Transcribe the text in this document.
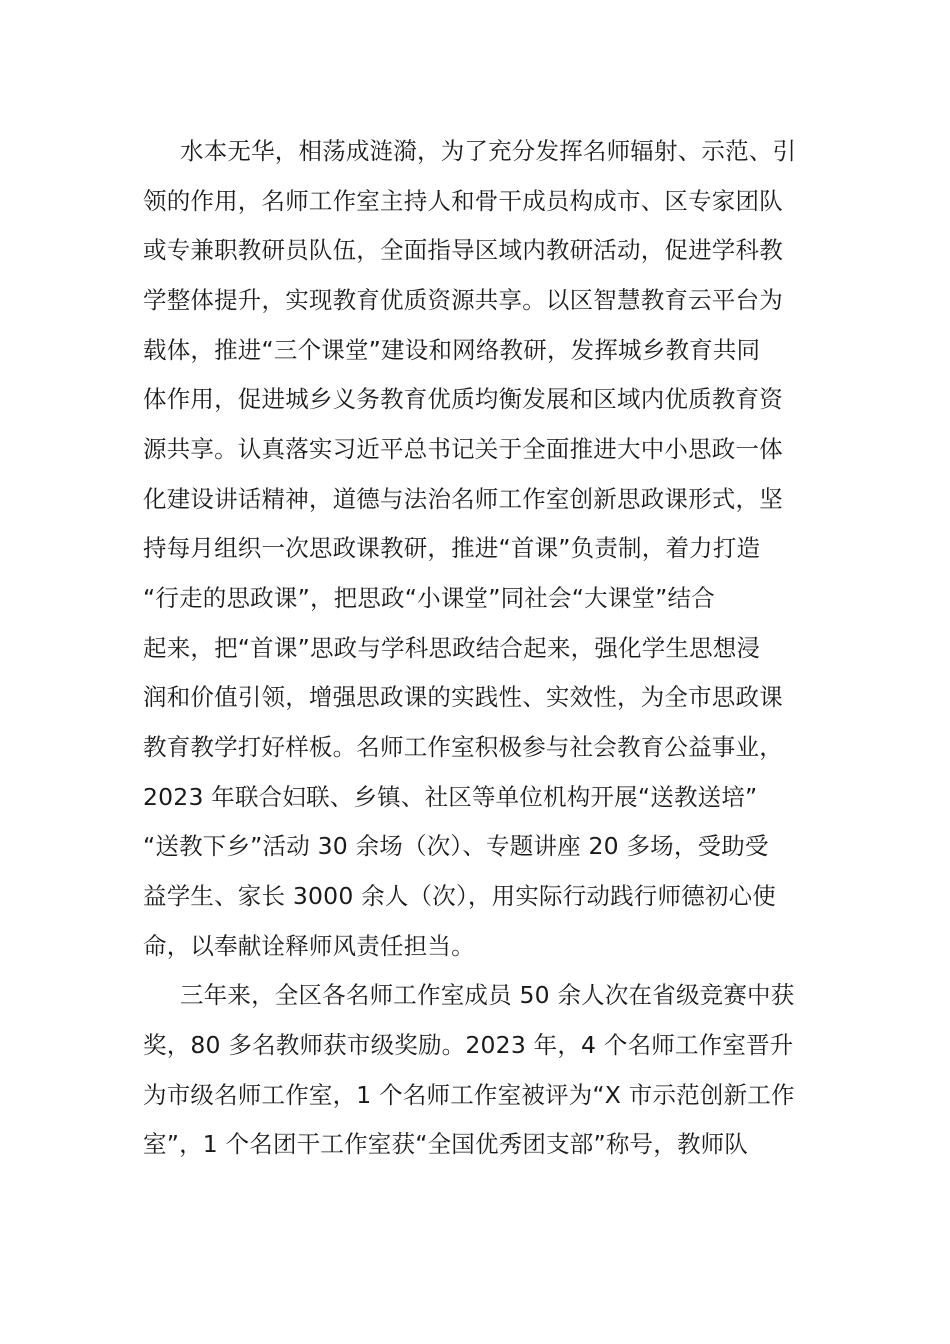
水本无华，相荡成涟漪，为了充分发挥名师辐射、示范、引
领的作用，名师工作室主持人和骨干成员构成市、区专家团队
或专兼职教研员队伍，全面指导区域内教研活动，促进学科教
学整体提升，实现教育优质资源共享。以区智慧教育云平台为
载体，推进“三个课堂”建设和网络教研，发挥城乡教育共同
体作用，促进城乡义务教育优质均衡发展和区域内优质教育资
源共享。认真落实习近平总书记关于全面推进大中小思政一体
化建设讲话精神，道德与法治名师工作室创新思政课形式，坚
持每月组织一次思政课教研，推进“首课”负责制，着力打造
“行走的思政课”，把思政“小课堂”同社会“大课堂”结合
起来，把“首课”思政与学科思政结合起来，强化学生思想浸
润和价值引领，增强思政课的实践性、实效性，为全市思政课
教育教学打好样板。名师工作室积极参与社会教育公益事业，
2023 年联合妇联、乡镇、社区等单位机构开展“送教送培”
“送教下乡”活动 30 余场（次）、专题讲座 20 多场，受助受
益学生、家长 3000 余人（次），用实际行动践行师德初心使
命，以奉献诠释师风责任担当。
三年来，全区各名师工作室成员 50 余人次在省级竞赛中获
奖，80 多名教师获市级奖励。2023 年，4 个名师工作室晋升
为市级名师工作室，1 个名师工作室被评为“X 市示范创新工作
室”，1 个名团干工作室获“全国优秀团支部”称号，教师队
